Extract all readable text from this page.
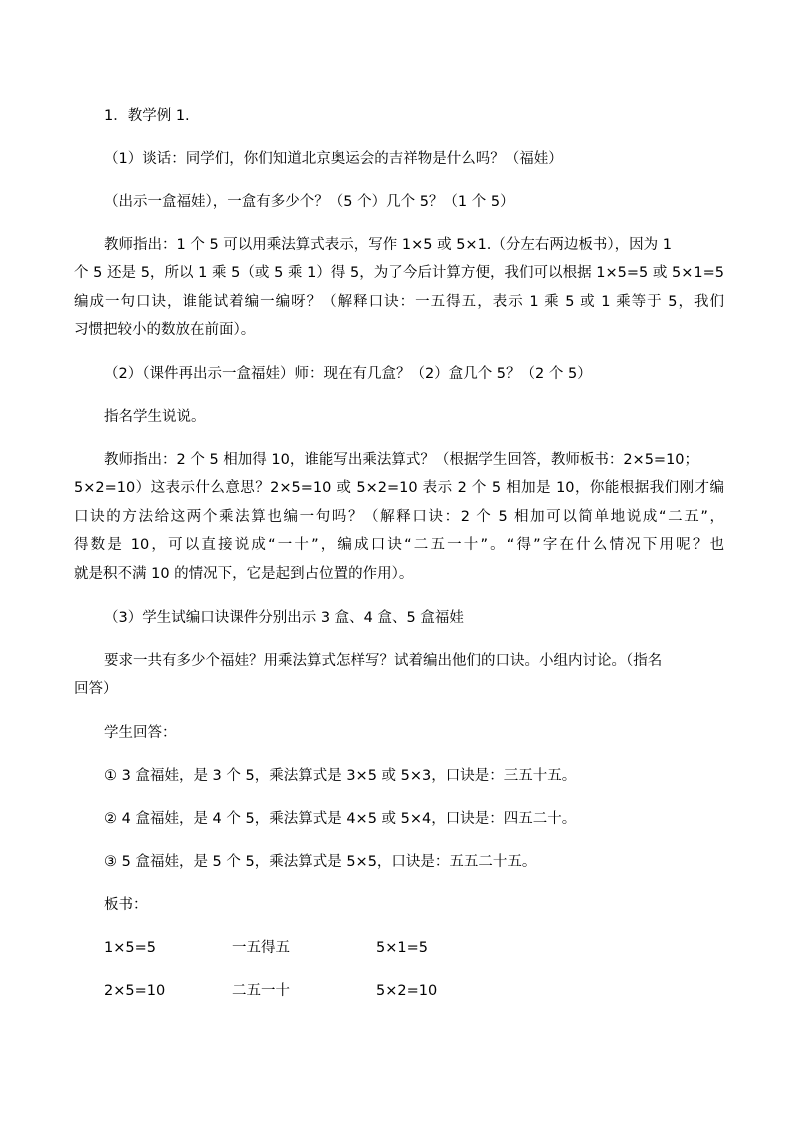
1．教学例 1.
（1）谈话：同学们，你们知道北京奥运会的吉祥物是什么吗？（福娃）
（出示一盒福娃），一盒有多少个？（5 个）几个 5？（1 个 5）
教师指出：1 个 5 可以用乘法算式表示，写作 1×5 或 5×1.（分左右两边板书），因为 1
个 5 还是 5，所以 1 乘 5（或 5 乘 1）得 5，为了今后计算方便，我们可以根据 1×5=5 或 5×1=5
编成一句口诀，谁能试着编一编呀？（解释口诀：一五得五，表示 1 乘 5 或 1 乘等于 5，我们
习惯把较小的数放在前面）。
（2）（课件再出示一盒福娃）师：现在有几盒？（2）盒几个 5？（2 个 5）
指名学生说说。
教师指出：2 个 5 相加得 10，谁能写出乘法算式？（根据学生回答，教师板书：2×5=10；
5×2=10）这表示什么意思？2×5=10 或 5×2=10 表示 2 个 5 相加是 10，你能根据我们刚才编
口诀的方法给这两个乘法算也编一句吗？（解释口诀：2 个 5 相加可以简单地说成“二五”，
得数是 10，可以直接说成“一十”，编成口诀“二五一十”。“得”字在什么情况下用呢？也
就是积不满 10 的情况下，它是起到占位置的作用）。
（3）学生试编口诀课件分别出示 3 盒、4 盒、5 盒福娃
要求一共有多少个福娃？用乘法算式怎样写？试着编出他们的口诀。小组内讨论。（指名
回答）
学生回答：
① 3 盒福娃，是 3 个 5，乘法算式是 3×5 或 5×3，口诀是：三五十五。
② 4 盒福娃，是 4 个 5，乘法算式是 4×5 或 5×4，口诀是：四五二十。
③ 5 盒福娃，是 5 个 5，乘法算式是 5×5，口诀是：五五二十五。
板书：
1×5=5	一五得五	5×1=5
2×5=10	二五一十	5×2=10
